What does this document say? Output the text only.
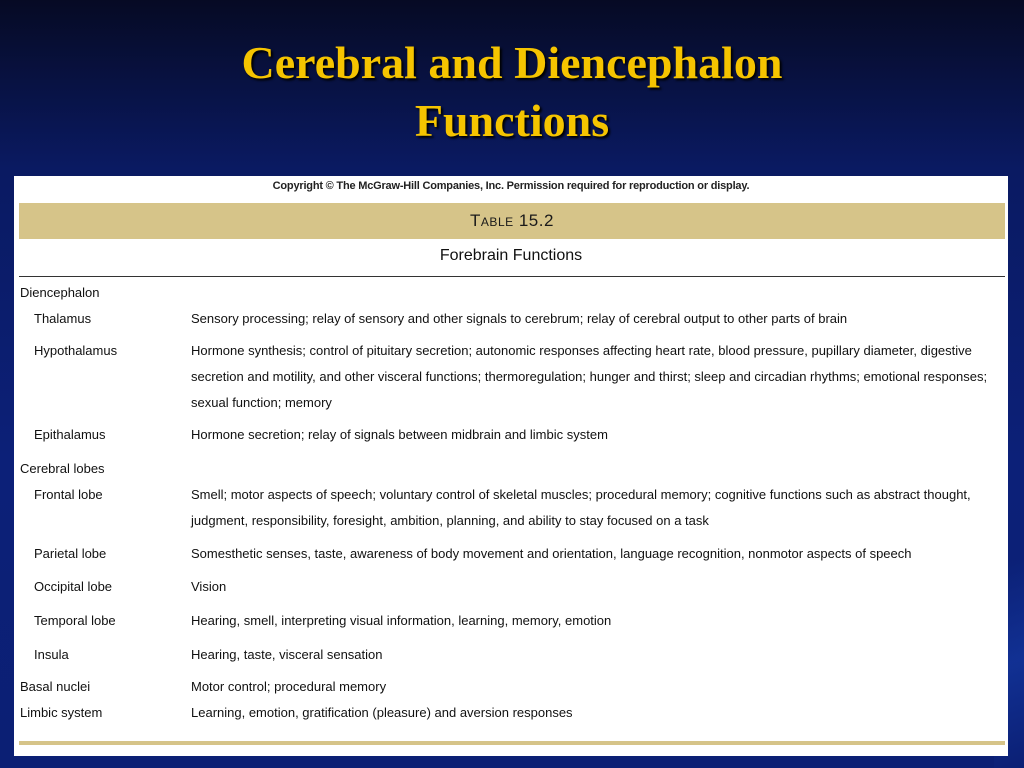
Cerebral and Diencephalon
Functions
Copyright © The McGraw-Hill Companies, Inc. Permission required for reproduction or display.
Table 15.2
Forebrain Functions
Diencephalon
Thalamus	Sensory processing; relay of sensory and other signals to cerebrum; relay of cerebral output to other parts of brain
Hypothalamus	Hormone synthesis; control of pituitary secretion; autonomic responses affecting heart rate, blood pressure, pupillary diameter, digestive secretion and motility, and other visceral functions; thermoregulation; hunger and thirst; sleep and circadian rhythms; emotional responses; sexual function; memory
Epithalamus	Hormone secretion; relay of signals between midbrain and limbic system
Cerebral lobes
Frontal lobe	Smell; motor aspects of speech; voluntary control of skeletal muscles; procedural memory; cognitive functions such as abstract thought, judgment, responsibility, foresight, ambition, planning, and ability to stay focused on a task
Parietal lobe	Somesthetic senses, taste, awareness of body movement and orientation, language recognition, nonmotor aspects of speech
Occipital lobe	Vision
Temporal lobe	Hearing, smell, interpreting visual information, learning, memory, emotion
Insula	Hearing, taste, visceral sensation
Basal nuclei	Motor control; procedural memory
Limbic system	Learning, emotion, gratification (pleasure) and aversion responses
